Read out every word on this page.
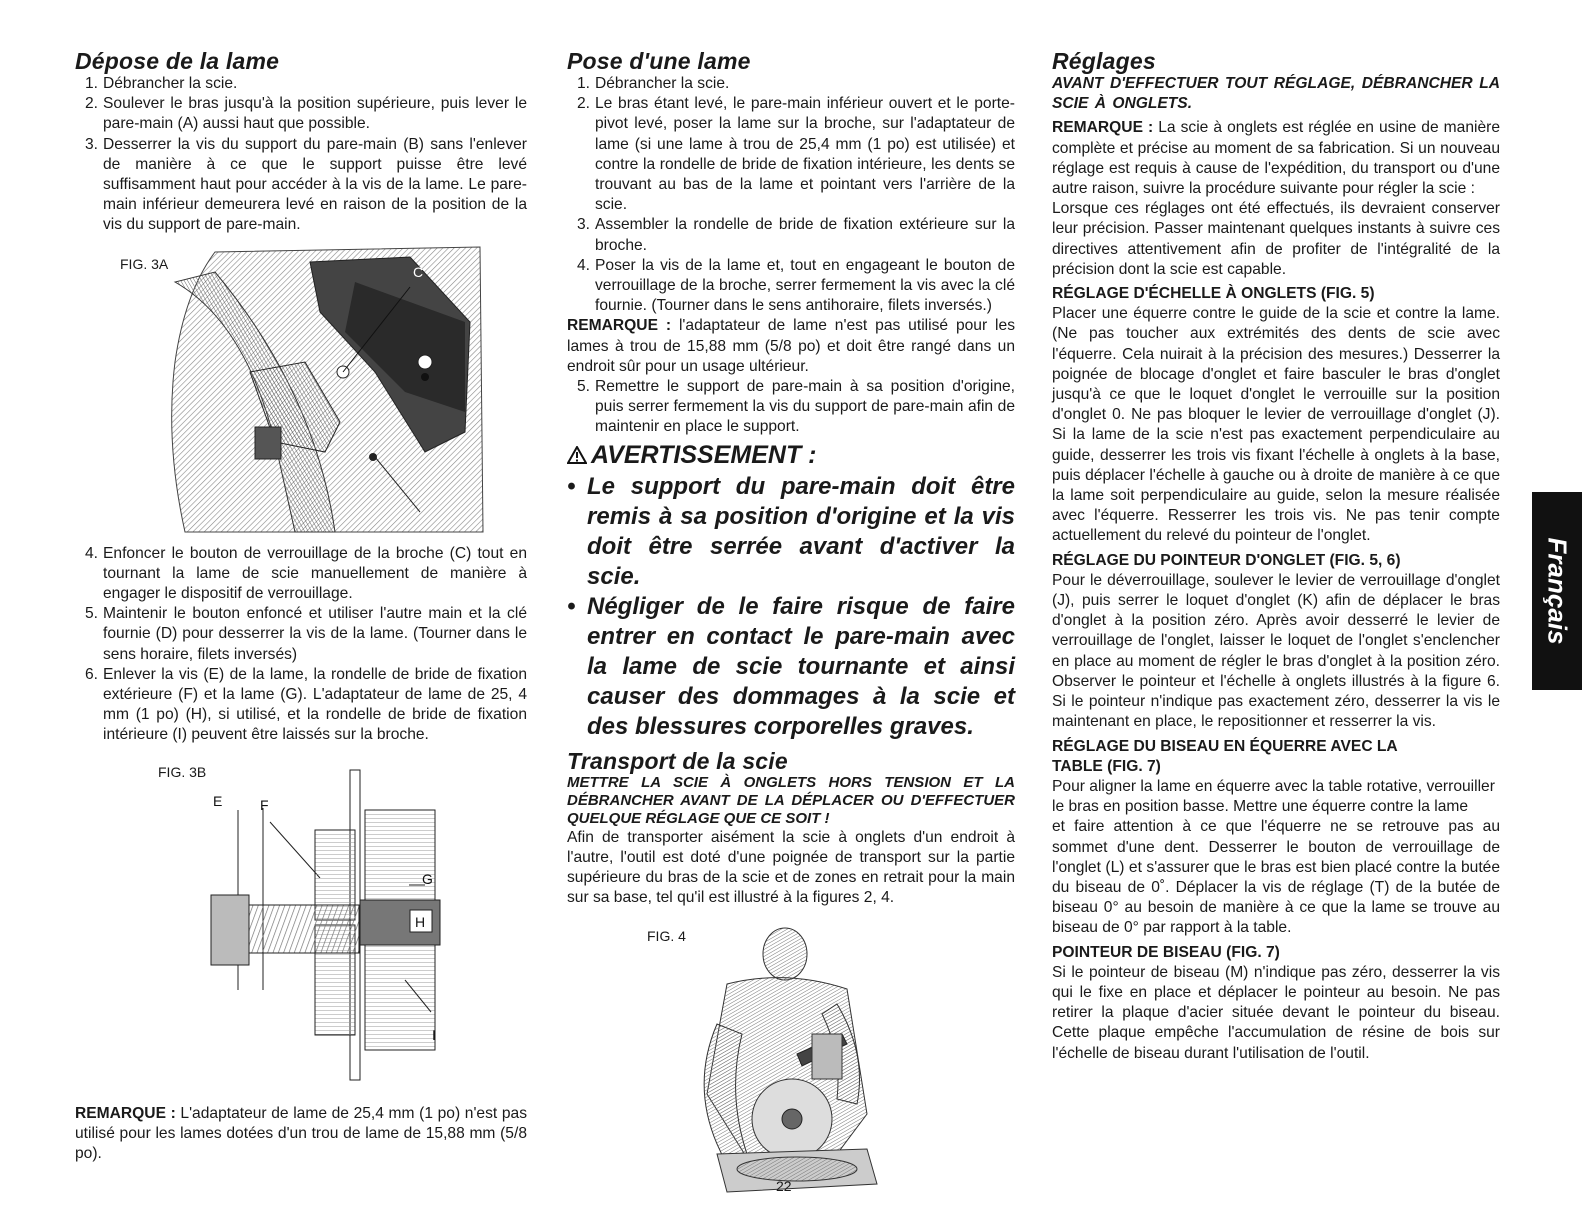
Dépose de la lame
1. Débrancher la scie.
2. Soulever le bras jusqu'à la position supérieure, puis lever le pare-main (A) aussi haut que possible.
3. Desserrer la vis du support du pare-main (B) sans l'enlever de manière à ce que le support puisse être levé suffisamment haut pour accéder à la vis de la lame. Le pare-main inférieur demeurera levé en raison de la position de la vis du support de pare-main.
FIG. 3A	C
4. Enfoncer le bouton de verrouillage de la broche (C) tout en tournant la lame de scie manuellement de manière à engager le dispositif de verrouillage.
5. Maintenir le bouton enfoncé et utiliser l'autre main et la clé fournie (D) pour desserrer la vis de la lame. (Tourner dans le sens horaire, filets inversés)
6. Enlever la vis (E) de la lame, la rondelle de bride de fixation extérieure (F) et la lame (G). L'adaptateur de lame de 25, 4 mm (1 po) (H), si utilisé, et la rondelle de bride de fixation intérieure (I) peuvent être laissés sur la broche.
FIG. 3B
H
E	F
G
I

REMARQUE : L'adaptateur de lame de 25,4 mm (1 po) n'est pas utilisé pour les lames dotées d'un trou de lame de 15,88 mm (5/8 po).

Pose d'une lame
1. Débrancher la scie.
2. Le bras étant levé, le pare-main inférieur ouvert et le porte-pivot levé, poser la lame sur la broche, sur l'adaptateur de lame (si une lame à trou de 25,4 mm (1 po) est utilisée) et contre la rondelle de bride de fixation intérieure, les dents se trouvant au bas de la lame et pointant vers l'arrière de la scie.
3. Assembler la rondelle de bride de fixation extérieure sur la broche.
4. Poser la vis de la lame et, tout en engageant le bouton de verrouillage de la broche, serrer fermement la vis avec la clé fournie. (Tourner dans le sens antihoraire, filets inversés.)

REMARQUE : l'adaptateur de lame n'est pas utilisé pour les lames à trou de 15,88 mm (5/8 po) et doit être rangé dans un endroit sûr pour un usage ultérieur.

5. Remettre le support de pare-main à sa position d'origine, puis serrer fermement la vis du support de pare-main afin de maintenir en place le support.
AVERTISSEMENT :
• Le support du pare-main doit être remis à sa position d'origine et la vis doit être serrée avant d'activer la scie.
• Négliger de le faire risque de faire entrer en contact le pare-main avec la lame de scie tournante et ainsi causer des dommages à la scie et des blessures corporelles graves.
Transport de la scie

METTRE LA SCIE À ONGLETS HORS TENSION ET LA DÉBRANCHER AVANT DE LA DÉPLACER OU D'EFFECTUER QUELQUE RÉGLAGE QUE CE SOIT !

Afin de transporter aisément la scie à onglets d'un endroit à l'autre, l'outil est doté d'une poignée de transport sur la partie supérieure du bras de la scie et de zones en retrait pour la main sur sa base, tel qu'il est illustré à la figures 2, 4.

FIG. 4
Réglages

AVANT D'EFFECTUER TOUT RÉGLAGE, DÉBRANCHER LA SCIE À ONGLETS.

REMARQUE : La scie à onglets est réglée en usine de manière complète et précise au moment de sa fabrication. Si un nouveau réglage est requis à cause de l'expédition, du transport ou d'une autre raison, suivre la procédure suivante pour régler la scie :

Lorsque ces réglages ont été effectués, ils devraient conserver leur précision. Passer maintenant quelques instants à suivre ces directives attentivement afin de profiter de l'intégralité de la précision dont la scie est capable.

RÉGLAGE D'ÉCHELLE À ONGLETS (FIG. 5)

Placer une équerre contre le guide de la scie et contre la lame. (Ne pas toucher aux extrémités des dents de scie avec l'équerre. Cela nuirait à la précision des mesures.) Desserrer la poignée de blocage d'onglet et faire basculer le bras d'onglet jusqu'à ce que le loquet d'onglet le verrouille sur la position d'onglet 0. Ne pas bloquer le levier de verrouillage d'onglet (J). Si la lame de la scie n'est pas exactement perpendiculaire au guide, desserrer les trois vis fixant l'échelle à onglets à la base, puis déplacer l'échelle à gauche ou à droite de manière à ce que la lame soit perpendiculaire au guide, selon la mesure réalisée avec l'équerre. Resserrer les trois vis. Ne pas tenir compte actuellement du relevé du pointeur de l'onglet.

RÉGLAGE DU POINTEUR D'ONGLET (FIG. 5, 6)

Pour le déverrouillage, soulever le levier de verrouillage d'onglet (J), puis serrer le loquet d'onglet (K) afin de déplacer le bras d'onglet à la position zéro. Après avoir desserré le levier de verrouillage de l'onglet, laisser le loquet de l'onglet s'enclencher en place au moment de régler le bras d'onglet à la position zéro. Observer le pointeur et l'échelle à onglets illustrés à la figure 6. Si le pointeur n'indique pas exactement zéro, desserrer la vis le maintenant en place, le repositionner et resserrer la vis.

RÉGLAGE DU BISEAU EN ÉQUERRE AVEC LA TABLE (FIG. 7)

Pour aligner la lame en équerre avec la table rotative, verrouiller le bras en position basse. Mettre une équerre contre la lame

et faire attention à ce que l'équerre ne se retrouve pas au sommet d'une dent. Desserrer le bouton de verrouillage de l'onglet (L) et s'assurer que le bras est bien placé contre la butée du biseau de 0˚. Déplacer la vis de réglage (T) de la butée de biseau 0° au besoin de manière à ce que la lame se trouve au biseau de 0° par rapport à la table.

POINTEUR DE BISEAU (FIG. 7)

Si le pointeur de biseau (M) n'indique pas zéro, desserrer la vis qui le fixe en place et déplacer le pointeur au besoin. Ne pas retirer la plaque d'acier située devant le pointeur du biseau. Cette plaque empêche l'accumulation de résine de bois sur l'échelle de biseau durant l'utilisation de l'outil.

Français
22
